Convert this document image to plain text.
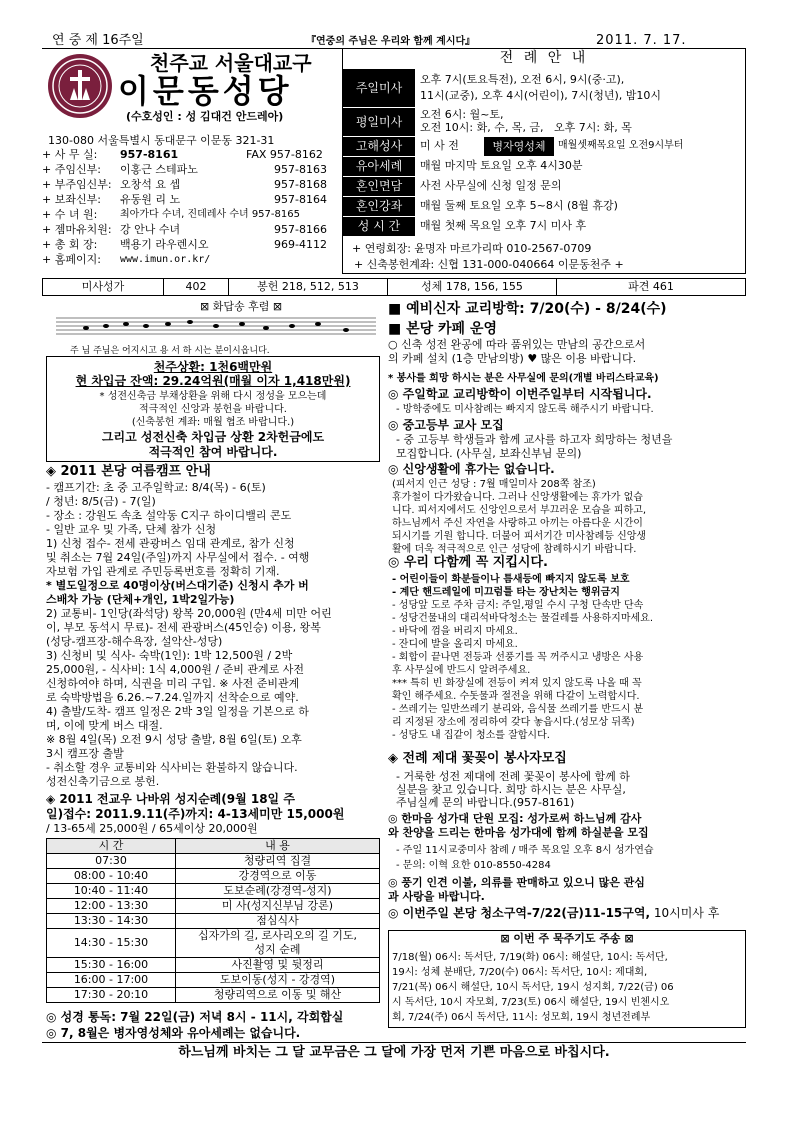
연 중 제 16주일	『연중의 주님은 우리와 함께 계시다』	2011. 7. 17.
천주교 서울대교구
이문동성당
(수호성인 : 성 김대건 안드레아)
130-080 서울특별시 동대문구 이문동 321-31
+ 사 무 실: 957-8161	FAX 957-8162
+ 주임신부: 이홍근 스테파노	957-8163
+ 부주임신부: 오창석 요 셉	957-8168
+ 보좌신부: 유동원 리 노	957-8164
+ 수 녀 원: 최아가다 수녀, 진데레사 수녀 957-8165
+ 젬마유치원: 강 안나 수녀	957-8166
+ 총 회 장: 백용기 라우렌시오	969-4112
+ 홈페이지: www.imun.or.kr/
전 례 안 내
주일미사
오후 7시(토요특전), 오전 6시, 9시(중·고),
11시(교중), 오후 4시(어린이), 7시(청년), 밤10시
평일미사
오전 6시: 월~토,
오전 10시: 화, 수, 목, 금,   오후 7시: 화, 목
고해성사	미 사 전	병자영성체	매월셋째목요일 오전9시부터
유아세례	매월 마지막 토요일 오후 4시30분
혼인면담	사전 사무실에 신청 일정 문의
혼인강좌	매월 둘째 토요일 오후 5~8시 (8월 휴강)
성 시 간	매월 첫째 목요일 오후 7시 미사 후
+ 연령회장: 윤명자 마르가리따 010-2567-0709
+ 신축봉헌계좌: 신협 131-000-040664 이문동천주 +
미사성가	402	봉헌 218, 512, 513	성체 178, 156, 155	파견 461
⊠ 화답송 후렴 ⊠
주 님 주님은 어지시고 용 서 하 시는 분이시옵니다.
천주상환: 1천6백만원
현 차입금 잔액: 29.24억원(매월 이자 1,418만원)
* 성전신축금 부채상환을 위해 다시 정성을 모으는데
적극적인 신앙과 봉헌을 바랍니다.
(신축봉헌 계좌: 매월 협조 바랍니다.)
그리고 성전신축 차입금 상환 2차헌금에도
적극적인 참여 바랍니다.
◈ 2011 본당 여름캠프 안내
- 캠프기간: 초 중 고주일학교: 8/4(목) - 6(토)
/ 청년: 8/5(금) - 7(일)
- 장소 : 강원도 속초 설악동 C지구 하이디밸리 콘도
- 일반 교우 및 가족, 단체 참가 신청
1) 신청 접수- 전세 관광버스 임대 관계로, 참가 신청
및 취소는 7월 24일(주일)까지 사무실에서 접수. - 여행
자보험 가입 관계로 주민등록번호를 정확히 기재.
* 별도일정으로 40명이상(버스대기준) 신청시 추가 버
스배차 가능 (단체+개인, 1박2일가능)
2) 교통비- 1인당(좌석당) 왕복 20,000원 (만4세 미만 어린
이, 부모 동석시 무료)- 전세 관광버스(45인승) 이용, 왕복
(성당-캠프장-해수욕장, 설악산-성당)
3) 신청비 및 식사- 숙박(1인): 1박 12,500원 / 2박
25,000원, - 식사비: 1식 4,000원 / 준비 관계로 사전
신청하여야 하며, 식권을 미리 구입. ※ 사전 준비관계
로 숙박방법을 6.26.~7.24.일까지 선착순으로 예약.
4) 출발/도착- 캠프 일정은 2박 3일 일정을 기본으로 하
며, 이에 맞게 버스 대절.
※ 8월 4일(목) 오전 9시 성당 출발, 8월 6일(토) 오후
3시 캠프장 출발
- 취소할 경우 교통비와 식사비는 환불하지 않습니다.
성전신축기금으로 봉헌.
◈ 2011 전교우 나바위 성지순례(9월 18일 주
일)접수: 2011.9.11(주)까지: 4-13세미만 15,000원
/ 13-65세 25,000원 / 65세이상 20,000원
시 간	내 용
07:30	청량리역 집결
08:00 - 10:40	강경역으로 이동
10:40 - 11:40	도보순례(강경역-성지)
12:00 - 13:30	미 사(성지신부님 강론)
13:30 - 14:30	점심식사
14:30 - 15:30	십자가의 길, 로사리오의 길 기도,
성지 순례
15:30 - 16:00	사진촬영 및 뒷정리
16:00 - 17:00	도보이동(성지 - 강경역)
17:30 - 20:10	청량리역으로 이동 및 해산
◎ 성경 통독: 7월 22일(금) 저녁 8시 - 11시, 각회합실
◎ 7, 8월은 병자영성체와 유아세례는 없습니다.
■ 예비신자 교리방학: 7/20(수) - 8/24(수)
■ 본당 카페 운영
○ 신축 성전 완공에 따라 품위있는 만남의 공간으로서
의 카페 설치 (1층 만남의방) ♥ 많은 이용 바랍니다.
* 봉사를 희망 하시는 분은 사무실에 문의(개별 바리스타교육)
◎ 주일학교 교리방학이 이번주일부터 시작됩니다.
- 방학중에도 미사참례는 빠지지 않도록 해주시기 바랍니다.
◎ 중고등부 교사 모집
- 중 고등부 학생들과 함께 교사를 하고자 희망하는 청년을
모집합니다. (사무실, 보좌신부님 문의)
◎ 신앙생활에 휴가는 없습니다.
(피서지 인근 성당 : 7월 매일미사 208쪽 참조)
휴가철이 다가왔습니다. 그러나 신앙생활에는 휴가가 없습
니다. 피서지에서도 신앙인으로서 부끄러운 모습을 피하고,
하느님께서 주신 자연을 사랑하고 아끼는 아름다운 시간이
되시기를 기원 합니다. 더불어 피서기간 미사참례등 신앙생
활에 더욱 적극적으로 인근 성당에 참례하시기 바랍니다.
◎ 우리 다함께 꼭 지킵시다.
- 어린이들이 화분들이나 틈새등에 빠지지 않도록 보호
- 계단 핸드레일에 미끄럼틀 타는 장난치는 행위금지
- 성당앞 도로 주차 금지: 주일,평일 수시 구청 단속반 단속
- 성당건물내의 대리석바닥청소는 물걸레를 사용하지마세요.
- 바닥에 껌을 버리지 마세요.
- 잔디에 발을 올리지 마세요.
- 회합이 끝나면 전등과 선풍기를 꼭 꺼주시고 냉방은 사용
후 사무실에 반드시 알려주세요.
*** 특히 빈 화장실에 전등이 켜져 있지 않도록 나올 때 꼭
확인 해주세요. 수돗물과 절전을 위해 다같이 노력합시다.
- 쓰레기는 일반쓰레기 분리와, 음식물 쓰레기를 반드시 분
리 지정된 장소에 정리하여 갖다 놓읍시다.(성모상 뒤쪽)
- 성당도 내 집같이 청소를 잘합시다.
◈ 전례 제대 꽃꽂이 봉사자모집
- 거룩한 성전 제대에 전례 꽃꽂이 봉사에 함께 하
실분을 찾고 있습니다. 희망 하시는 분은 사무실,
주님실께 문의 바랍니다.(957-8161)
◎ 한마음 성가대 단원 모집: 성가로써 하느님께 감사
와 찬양을 드리는 한마음 성가대에 함께 하실분을 모집
- 주일 11시교중미사 참례 / 매주 목요일 오후 8시 성가연습
- 문의: 이혁 요한 010-8550-4284
◎ 풍기 인견 이불, 의류를 판매하고 있으니 많은 관심
과 사랑을 바랍니다.
◎ 이번주일 본당 청소구역-7/22(금)11-15구역, 10시미사 후
⊠ 이번 주 묵주기도 주송 ⊠
7/18(월) 06시: 독서단, 7/19(화) 06시: 해설단, 10시: 독서단,
19시: 성체 분배단, 7/20(수) 06시: 독서단, 10시: 제대회,
7/21(목) 06시 해설단, 10시 독서단, 19시 성지회, 7/22(금) 06
시 독서단, 10시 자모회, 7/23(토) 06시 해설단, 19시 빈첸시오
회, 7/24(주) 06시 독서단, 11시: 성모회, 19시 청년전례부
하느님께 바치는 그 달 교무금은 그 달에 가장 먼저 기쁜 마음으로 바칩시다.
